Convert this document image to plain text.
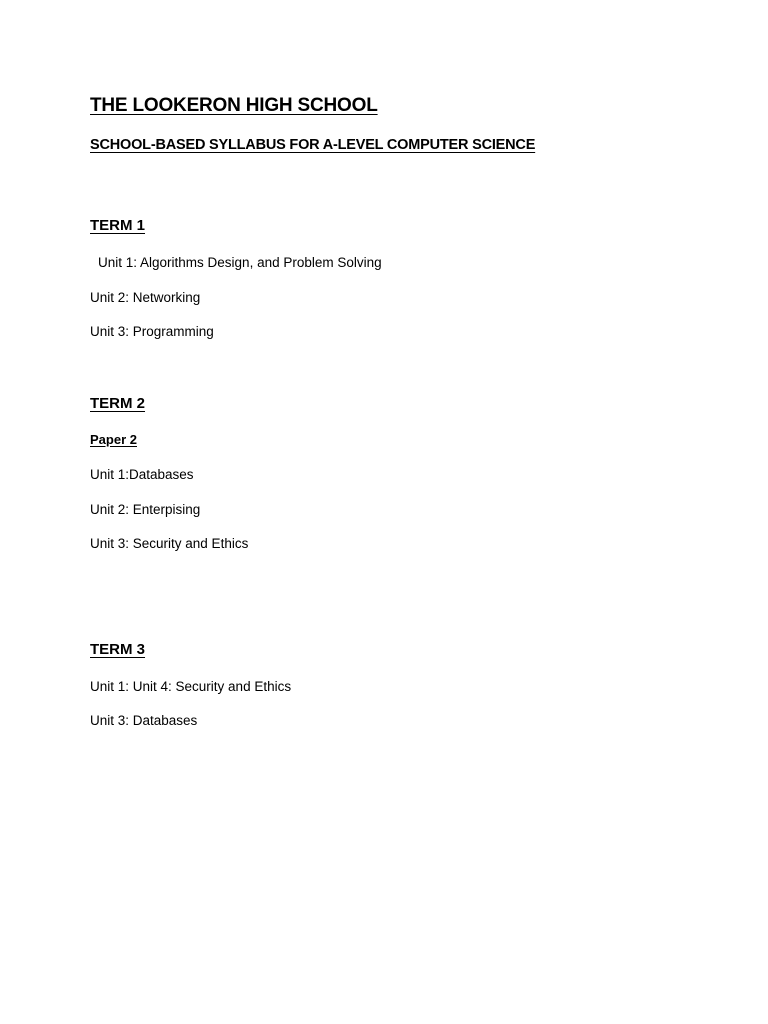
THE LOOKERON HIGH SCHOOL
SCHOOL-BASED SYLLABUS FOR A-LEVEL COMPUTER SCIENCE
TERM 1
Unit 1: Algorithms Design, and Problem Solving
Unit 2: Networking
Unit 3: Programming
TERM 2
Paper 2
Unit 1:Databases
Unit 2: Enterpising
Unit 3: Security and Ethics
TERM 3
Unit 1: Unit 4: Security and Ethics
Unit 3: Databases
